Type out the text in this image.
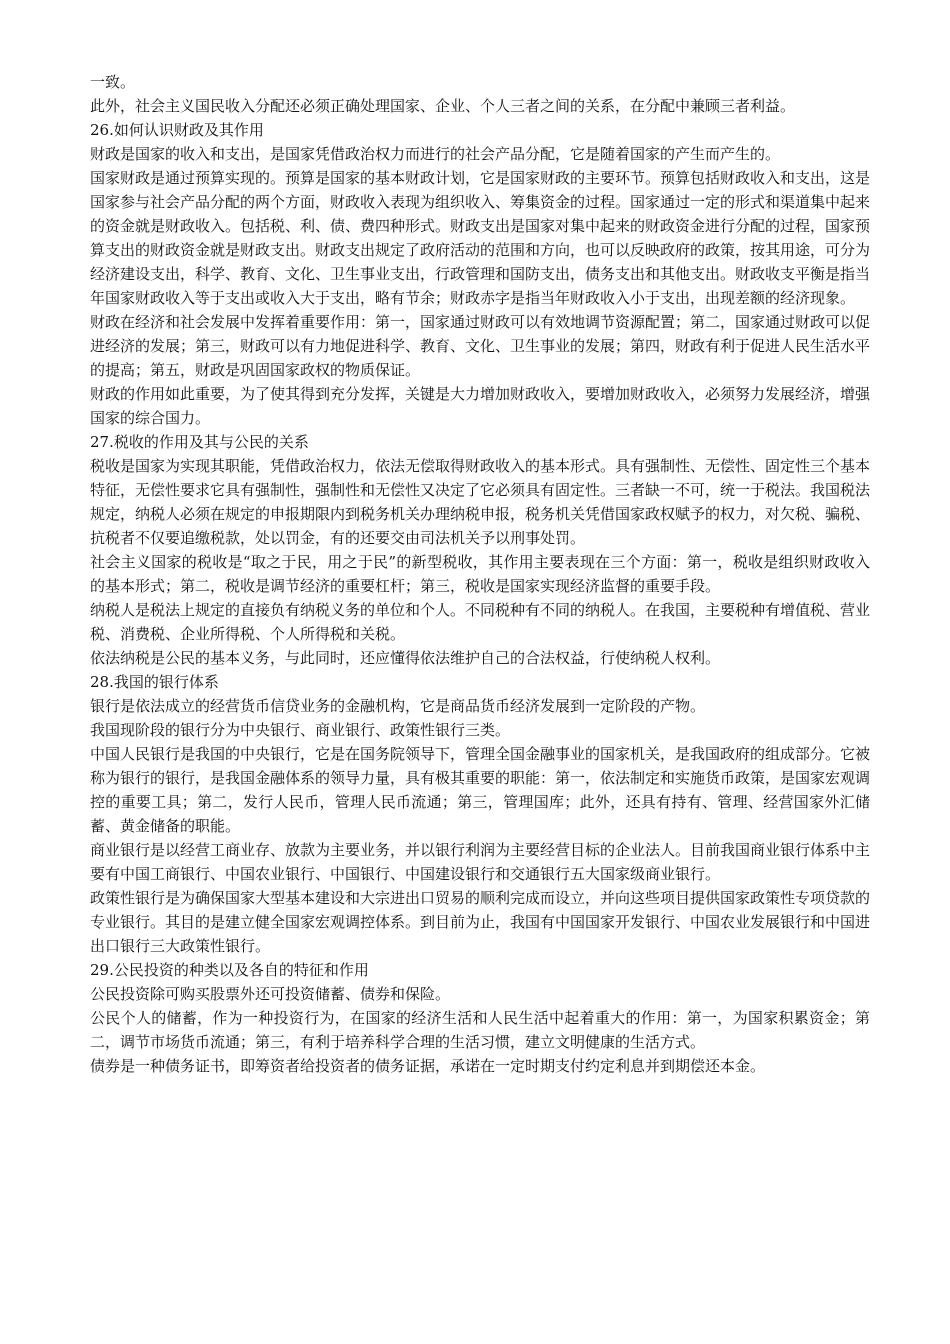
一致。

此外，社会主义国民收入分配还必须正确处理国家、企业、个人三者之间的关系，在分配中兼顾三者利益。

26.如何认识财政及其作用

财政是国家的收入和支出，是国家凭借政治权力而进行的社会产品分配，它是随着国家的产生而产生的。

国家财政是通过预算实现的。预算是国家的基本财政计划，它是国家财政的主要环节。预算包括财政收入和支出，这是国家参与社会产品分配的两个方面，财政收入表现为组织收入、筹集资金的过程。国家通过一定的形式和渠道集中起来的资金就是财政收入。包括税、利、债、费四种形式。财政支出是国家对集中起来的财政资金进行分配的过程，国家预算支出的财政资金就是财政支出。财政支出规定了政府活动的范围和方向，也可以反映政府的政策，按其用途，可分为经济建设支出，科学、教育、文化、卫生事业支出，行政管理和国防支出，债务支出和其他支出。财政收支平衡是指当年国家财政收入等于支出或收入大于支出，略有节余；财政赤字是指当年财政收入小于支出，出现差额的经济现象。

财政在经济和社会发展中发挥着重要作用：第一，国家通过财政可以有效地调节资源配置；第二，国家通过财政可以促进经济的发展；第三，财政可以有力地促进科学、教育、文化、卫生事业的发展；第四，财政有利于促进人民生活水平的提高；第五，财政是巩固国家政权的物质保证。

财政的作用如此重要，为了使其得到充分发挥，关键是大力增加财政收入，要增加财政收入，必须努力发展经济，增强国家的综合国力。

27.税收的作用及其与公民的关系

税收是国家为实现其职能，凭借政治权力，依法无偿取得财政收入的基本形式。具有强制性、无偿性、固定性三个基本特征，无偿性要求它具有强制性，强制性和无偿性又决定了它必须具有固定性。三者缺一不可，统一于税法。我国税法规定，纳税人必须在规定的申报期限内到税务机关办理纳税申报，税务机关凭借国家政权赋予的权力，对欠税、骗税、抗税者不仅要追缴税款，处以罚金，有的还要交由司法机关予以刑事处罚。

社会主义国家的税收是“取之于民，用之于民”的新型税收，其作用主要表现在三个方面：第一，税收是组织财政收入的基本形式；第二，税收是调节经济的重要杠杆；第三，税收是国家实现经济监督的重要手段。

纳税人是税法上规定的直接负有纳税义务的单位和个人。不同税种有不同的纳税人。在我国，主要税种有增值税、营业税、消费税、企业所得税、个人所得税和关税。

依法纳税是公民的基本义务，与此同时，还应懂得依法维护自己的合法权益，行使纳税人权利。

28.我国的银行体系

银行是依法成立的经营货币信贷业务的金融机构，它是商品货币经济发展到一定阶段的产物。

我国现阶段的银行分为中央银行、商业银行、政策性银行三类。

中国人民银行是我国的中央银行，它是在国务院领导下，管理全国金融事业的国家机关，是我国政府的组成部分。它被称为银行的银行，是我国金融体系的领导力量，具有极其重要的职能：第一，依法制定和实施货币政策，是国家宏观调控的重要工具；第二，发行人民币，管理人民币流通；第三，管理国库；此外，还具有持有、管理、经营国家外汇储蓄、黄金储备的职能。

商业银行是以经营工商业存、放款为主要业务，并以银行利润为主要经营目标的企业法人。目前我国商业银行体系中主要有中国工商银行、中国农业银行、中国银行、中国建设银行和交通银行五大国家级商业银行。

政策性银行是为确保国家大型基本建设和大宗进出口贸易的顺利完成而设立，并向这些项目提供国家政策性专项贷款的专业银行。其目的是建立健全国家宏观调控体系。到目前为止，我国有中国国家开发银行、中国农业发展银行和中国进出口银行三大政策性银行。

29.公民投资的种类以及各自的特征和作用

公民投资除可购买股票外还可投资储蓄、债券和保险。

公民个人的储蓄，作为一种投资行为，在国家的经济生活和人民生活中起着重大的作用：第一，为国家积累资金；第二，调节市场货币流通；第三，有利于培养科学合理的生活习惯，建立文明健康的生活方式。

债券是一种债务证书，即筹资者给投资者的债务证据，承诺在一定时期支付约定利息并到期偿还本金。
